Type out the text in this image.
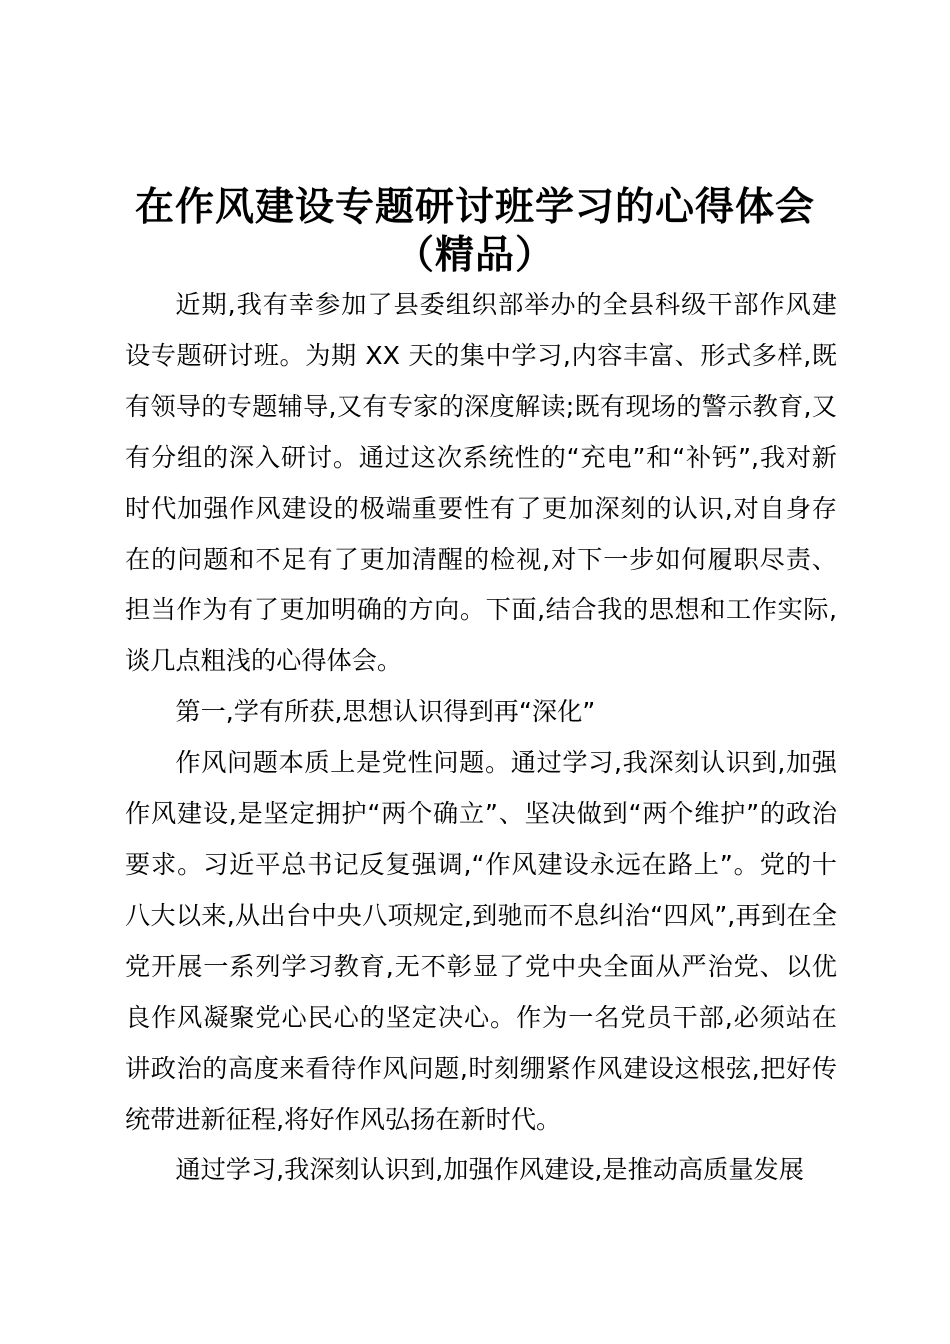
在作风建设专题研讨班学习的心得体会
（精品）

近期,我有幸参加了县委组织部举办的全县科级干部作风建设专题研讨班。为期 XX 天的集中学习,内容丰富、形式多样,既有领导的专题辅导,又有专家的深度解读;既有现场的警示教育,又有分组的深入研讨。通过这次系统性的“充电”和“补钙”,我对新时代加强作风建设的极端重要性有了更加深刻的认识,对自身存在的问题和不足有了更加清醒的检视,对下一步如何履职尽责、担当作为有了更加明确的方向。下面,结合我的思想和工作实际,谈几点粗浅的心得体会。

第一,学有所获,思想认识得到再“深化”

作风问题本质上是党性问题。通过学习,我深刻认识到,加强作风建设,是坚定拥护“两个确立”、坚决做到“两个维护”的政治要求。习近平总书记反复强调,“作风建设永远在路上”。党的十八大以来,从出台中央八项规定,到驰而不息纠治“四风”,再到在全党开展一系列学习教育,无不彰显了党中央全面从严治党、以优良作风凝聚党心民心的坚定决心。作为一名党员干部,必须站在讲政治的高度来看待作风问题,时刻绷紧作风建设这根弦,把好传统带进新征程,将好作风弘扬在新时代。

通过学习,我深刻认识到,加强作风建设,是推动高质量发展
